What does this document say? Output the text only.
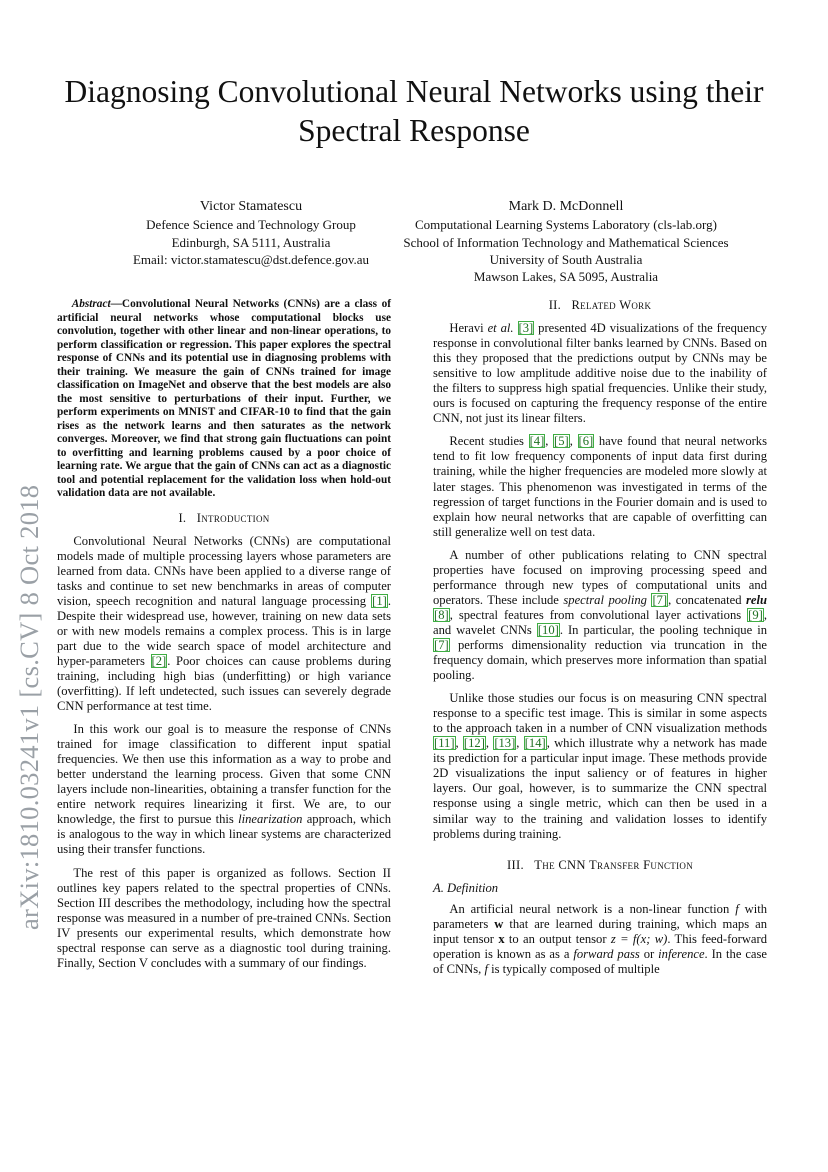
Diagnosing Convolutional Neural Networks using their Spectral Response
Victor Stamatescu
Defence Science and Technology Group
Edinburgh, SA 5111, Australia
Email: victor.stamatescu@dst.defence.gov.au
Mark D. McDonnell
Computational Learning Systems Laboratory (cls-lab.org)
School of Information Technology and Mathematical Sciences
University of South Australia
Mawson Lakes, SA 5095, Australia
arXiv:1810.03241v1 [cs.CV] 8 Oct 2018

Abstract—Convolutional Neural Networks (CNNs) are a class of artificial neural networks whose computational blocks use convolution, together with other linear and non-linear operations, to perform classification or regression. This paper explores the spectral response of CNNs and its potential use in diagnosing problems with their training. We measure the gain of CNNs trained for image classification on ImageNet and observe that the best models are also the most sensitive to perturbations of their input. Further, we perform experiments on MNIST and CIFAR-10 to find that the gain rises as the network learns and then saturates as the network converges. Moreover, we find that strong gain fluctuations can point to overfitting and learning problems caused by a poor choice of learning rate. We argue that the gain of CNNs can act as a diagnostic tool and potential replacement for the validation loss when hold-out validation data are not available.

I. Introduction

Convolutional Neural Networks (CNNs) are computational models made of multiple processing layers whose parameters are learned from data. CNNs have been applied to a diverse range of tasks and continue to set new benchmarks in areas of computer vision, speech recognition and natural language processing [1]. Despite their widespread use, however, training on new data sets or with new models remains a complex process. This is in large part due to the wide search space of model architecture and hyper-parameters [2]. Poor choices can cause problems during training, including high bias (underfitting) or high variance (overfitting). If left undetected, such issues can severely degrade CNN performance at test time.

In this work our goal is to measure the response of CNNs trained for image classification to different input spatial frequencies. We then use this information as a way to probe and better understand the learning process. Given that some CNN layers include non-linearities, obtaining a transfer function for the entire network requires linearizing it first. We are, to our knowledge, the first to pursue this linearization approach, which is analogous to the way in which linear systems are characterized using their transfer functions.

The rest of this paper is organized as follows. Section II outlines key papers related to the spectral properties of CNNs. Section III describes the methodology, including how the spectral response was measured in a number of pre-trained CNNs. Section IV presents our experimental results, which demonstrate how spectral response can serve as a diagnostic tool during training. Finally, Section V concludes with a summary of our findings.

II. Related Work

Heravi et al. [3] presented 4D visualizations of the frequency response in convolutional filter banks learned by CNNs. Based on this they proposed that the predictions output by CNNs may be sensitive to low amplitude additive noise due to the inability of the filters to suppress high spatial frequencies. Unlike their study, ours is focused on capturing the frequency response of the entire CNN, not just its linear filters.

Recent studies [4], [5], [6] have found that neural networks tend to fit low frequency components of input data first during training, while the higher frequencies are modeled more slowly at later stages. This phenomenon was investigated in terms of the regression of target functions in the Fourier domain and is used to explain how neural networks that are capable of overfitting can still generalize well on test data.

A number of other publications relating to CNN spectral properties have focused on improving processing speed and performance through new types of computational units and operators. These include spectral pooling [7], concatenated relu [8], spectral features from convolutional layer activations [9], and wavelet CNNs [10]. In particular, the pooling technique in [7] performs dimensionality reduction via truncation in the frequency domain, which preserves more information than spatial pooling.

Unlike those studies our focus is on measuring CNN spectral response to a specific test image. This is similar in some aspects to the approach taken in a number of CNN visualization methods [11], [12], [13], [14], which illustrate why a network has made its prediction for a particular input image. These methods provide 2D visualizations the input saliency or of features in higher layers. Our goal, however, is to summarize the CNN spectral response using a single metric, which can then be used in a similar way to the training and validation losses to identify problems during training.

III. The CNN Transfer Function
A. Definition

An artificial neural network is a non-linear function f with parameters w that are learned during training, which maps an input tensor x to an output tensor z = f(x; w). This feed-forward operation is known as as a forward pass or inference. In the case of CNNs, f is typically composed of multiple
